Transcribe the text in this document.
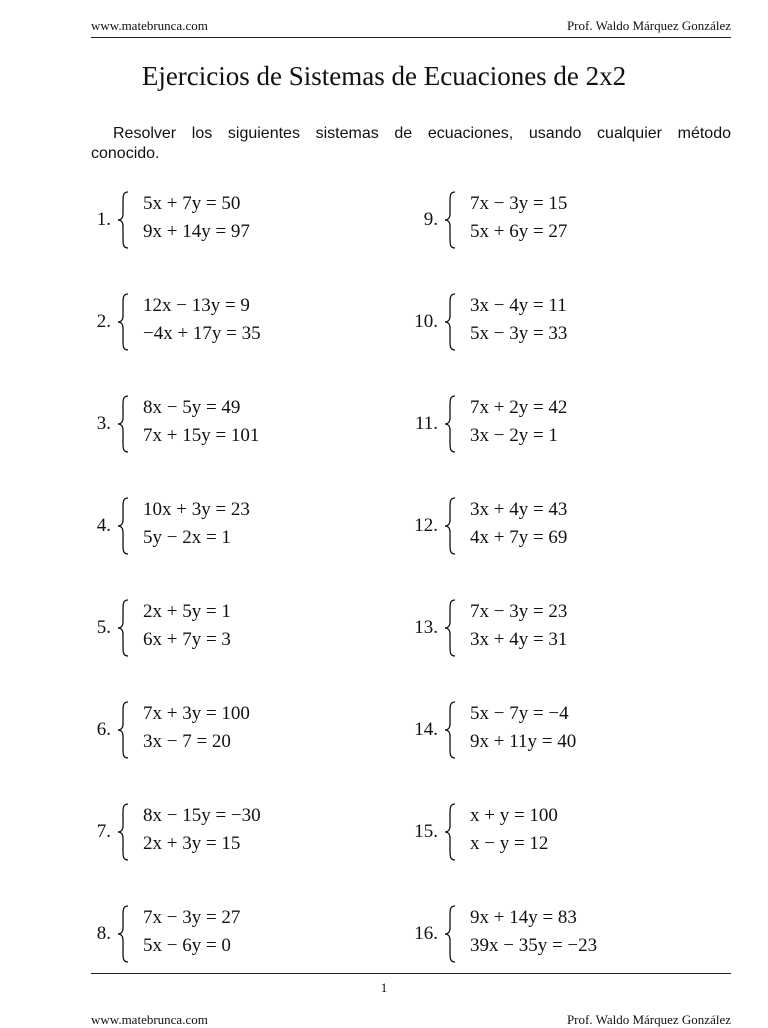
www.matebrunca.com	Prof. Waldo Márquez González
Ejercicios de Sistemas de Ecuaciones de 2x2
Resolver los siguientes sistemas de ecuaciones, usando cualquier método
conocido.
1.
5x + 7y = 50
9x + 14y = 97
2.
12x − 13y = 9
−4x + 17y = 35
3.
8x − 5y = 49
7x + 15y = 101
4.
10x + 3y = 23
5y − 2x = 1
5.
2x + 5y = 1
6x + 7y = 3
6.
7x + 3y = 100
3x − 7 = 20
7.
8x − 15y = −30
2x + 3y = 15
8.
7x − 3y = 27
5x − 6y = 0
9.
7x − 3y = 15
5x + 6y = 27
10.
3x − 4y = 11
5x − 3y = 33
11.
7x + 2y = 42
3x − 2y = 1
12.
3x + 4y = 43
4x + 7y = 69
13.
7x − 3y = 23
3x + 4y = 31
14.
5x − 7y = −4
9x + 11y = 40
15.
x + y = 100
x − y = 12
16.
9x + 14y = 83
39x − 35y = −23
1
www.matebrunca.com	Prof. Waldo Márquez González
